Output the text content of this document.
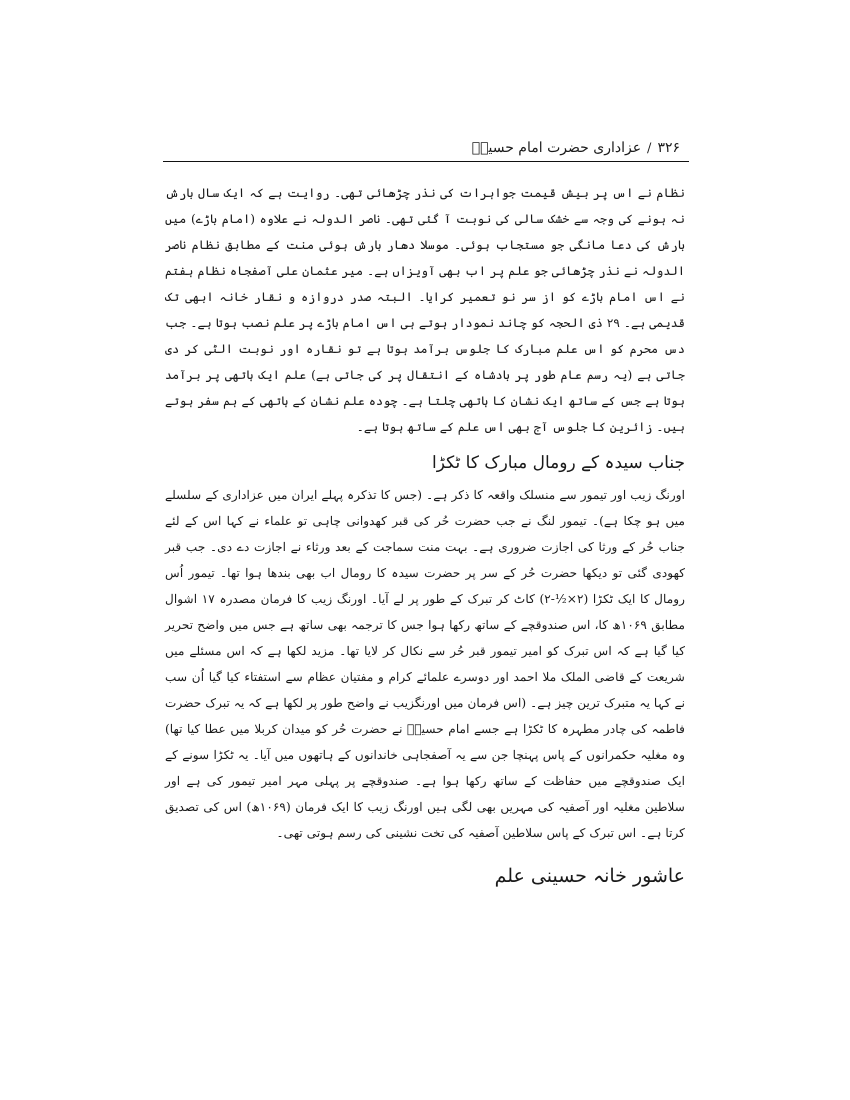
۳۲۶
/
عزاداری حضرت امام حسینؑ

نظام نے اس پر بیش قیمت جواہرات کی نذر چڑھائی تھی۔ روایت ہے کہ ایک سال بارش نہ ہونے کی وجہ سے خشک سالی کی نوبت آ گئی تھی۔ ناصر الدولہ نے علاوہ (امام باڑے) میں بارش کی دعا مانگی جو مستجاب ہوئی۔ موسلا دھار بارش ہوئی منت کے مطابق نظام ناصر الدولہ نے نذر چڑھائی جو علم پر اب بھی آویزاں ہے۔ میر عثمان علی آصفجاہ نظام ہفتم نے اس امام باڑے کو از سر نو تعمیر کرایا۔ البتہ صدر دروازہ و نقار خانہ ابھی تک قدیمی ہے۔ ۲۹ ذی الحجہ کو چاند نمودار ہوتے ہی اس امام باڑے پر علم نصب ہوتا ہے۔ جب دس محرم کو اس علم مبارک کا جلوس برآمد ہوتا ہے تو نقارہ اور نوبت الٹی کر دی جاتی ہے (یہ رسم عام طور پر بادشاہ کے انتقال پر کی جاتی ہے) علم ایک ہاتھی پر برآمد ہوتا ہے جس کے ساتھ ایک نشان کا ہاتھی چلتا ہے۔ چودہ علم نشان کے ہاتھی کے ہم سفر ہوتے ہیں۔ زائرین کا جلوس آج بھی اس علم کے ساتھ ہوتا ہے۔

جناب سیدہ کے رومال مبارک کا ٹکڑا

اورنگ زیب اور تیمور سے منسلک واقعہ کا ذکر ہے۔ (جس کا تذکرہ پہلے ایران میں عزاداری کے سلسلے میں ہو چکا ہے)۔ تیمور لنگ نے جب حضرت حُر کی قبر کھدوانی چاہی تو علماء نے کہا اس کے لئے جناب حُر کے ورثا کی اجازت ضروری ہے۔ بہت منت سماجت کے بعد ورثاء نے اجازت دے دی۔ جب قبر کھودی گئی تو دیکھا حضرت حُر کے سر پر حضرت سیدہ کا رومال اب بھی بندھا ہوا تھا۔ تیمور اُس رومال کا ایک ٹکڑا (۲×½-۲) کاٹ کر تبرک کے طور پر لے آیا۔ اورنگ زیب کا فرمان مصدرہ ۱۷ اشوال مطابق ۱۰۶۹ھ کا، اس صندوقچے کے ساتھ رکھا ہوا جس کا ترجمہ بھی ساتھ ہے جس میں واضح تحریر کیا گیا ہے کہ اس تبرک کو امیر تیمور قبر حُر سے نکال کر لایا تھا۔ مزید لکھا ہے کہ اس مسئلے میں شریعت کے قاضی الملک ملا احمد اور دوسرے علمائے کرام و مفتیان عظام سے استفتاء کیا گیا اُن سب نے کہا یہ متبرک ترین چیز ہے۔ (اس فرمان میں اورنگزیب نے واضح طور پر لکھا ہے کہ یہ تبرک حضرت فاطمہ کی چادر مطہرہ کا ٹکڑا ہے جسے امام حسینؑ نے حضرت حُر کو میدان کربلا میں عطا کیا تھا) وہ مغلیہ حکمرانوں کے پاس پہنچا جن سے یہ آصفجاہی خاندانوں کے ہاتھوں میں آیا۔ یہ ٹکڑا سونے کے ایک صندوقچے میں حفاظت کے ساتھ رکھا ہوا ہے۔ صندوقچے پر پہلی مہر امیر تیمور کی ہے اور سلاطین مغلیہ اور آصفیہ کی مہریں بھی لگی ہیں اورنگ زیب کا ایک فرمان (۱۰۶۹ھ) اس کی تصدیق کرتا ہے۔ اس تبرک کے پاس سلاطین آصفیہ کی تخت نشینی کی رسم ہوتی تھی۔

عاشور خانہ حسینی علم
